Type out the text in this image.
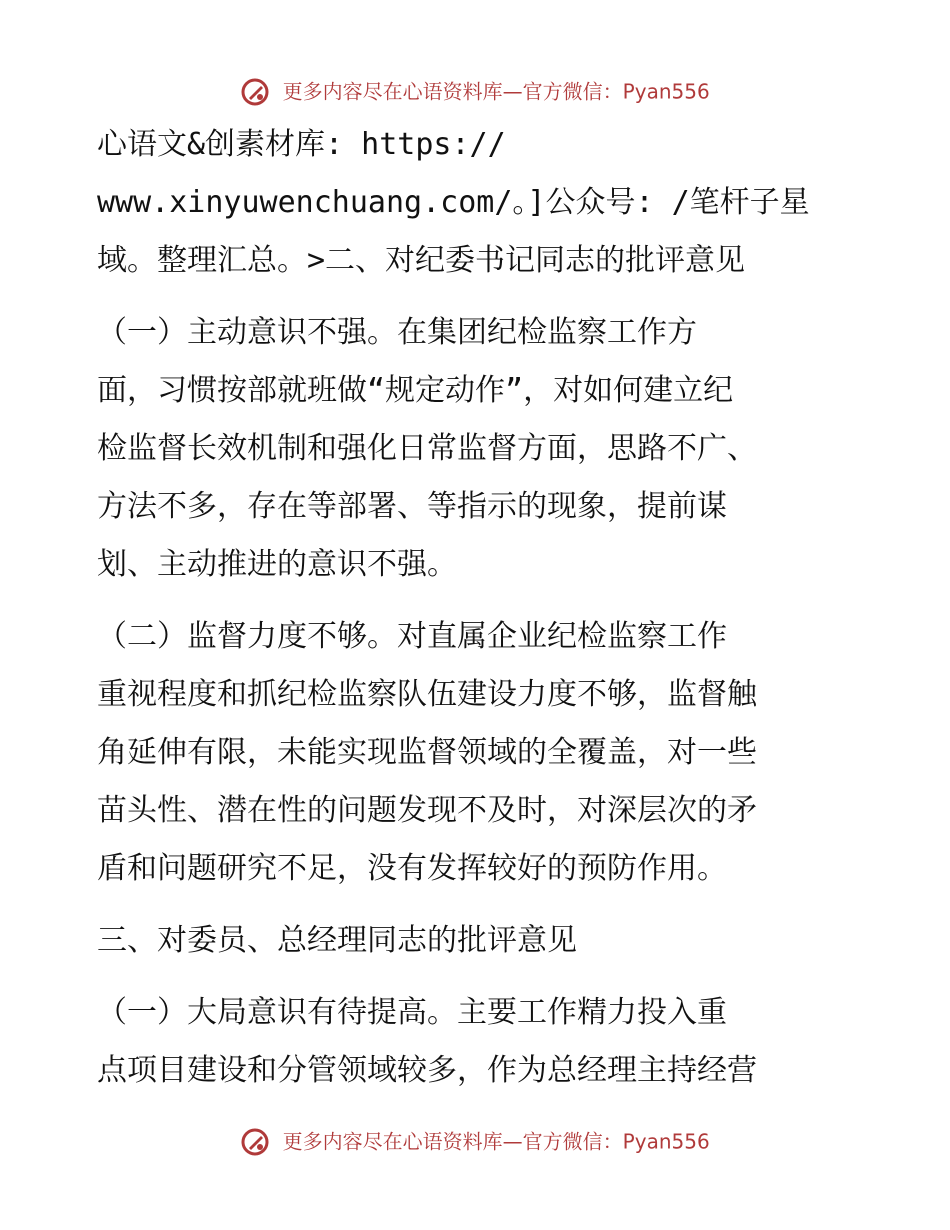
更多内容尽在心语资料库—官方微信：Pyan556
心语文&创素材库: https://
www.xinyuwenchuang.com/。]公众号: /笔杆子星
域。整理汇总。>二、对纪委书记同志的批评意见
（一）主动意识不强。在集团纪检监察工作方
面，习惯按部就班做“规定动作”，对如何建立纪
检监督长效机制和强化日常监督方面，思路不广、
方法不多，存在等部署、等指示的现象，提前谋
划、主动推进的意识不强。
（二）监督力度不够。对直属企业纪检监察工作
重视程度和抓纪检监察队伍建设力度不够，监督触
角延伸有限，未能实现监督领域的全覆盖，对一些
苗头性、潜在性的问题发现不及时，对深层次的矛
盾和问题研究不足，没有发挥较好的预防作用。
三、对委员、总经理同志的批评意见
（一）大局意识有待提高。主要工作精力投入重
点项目建设和分管领域较多，作为总经理主持经营
更多内容尽在心语资料库—官方微信：Pyan556
